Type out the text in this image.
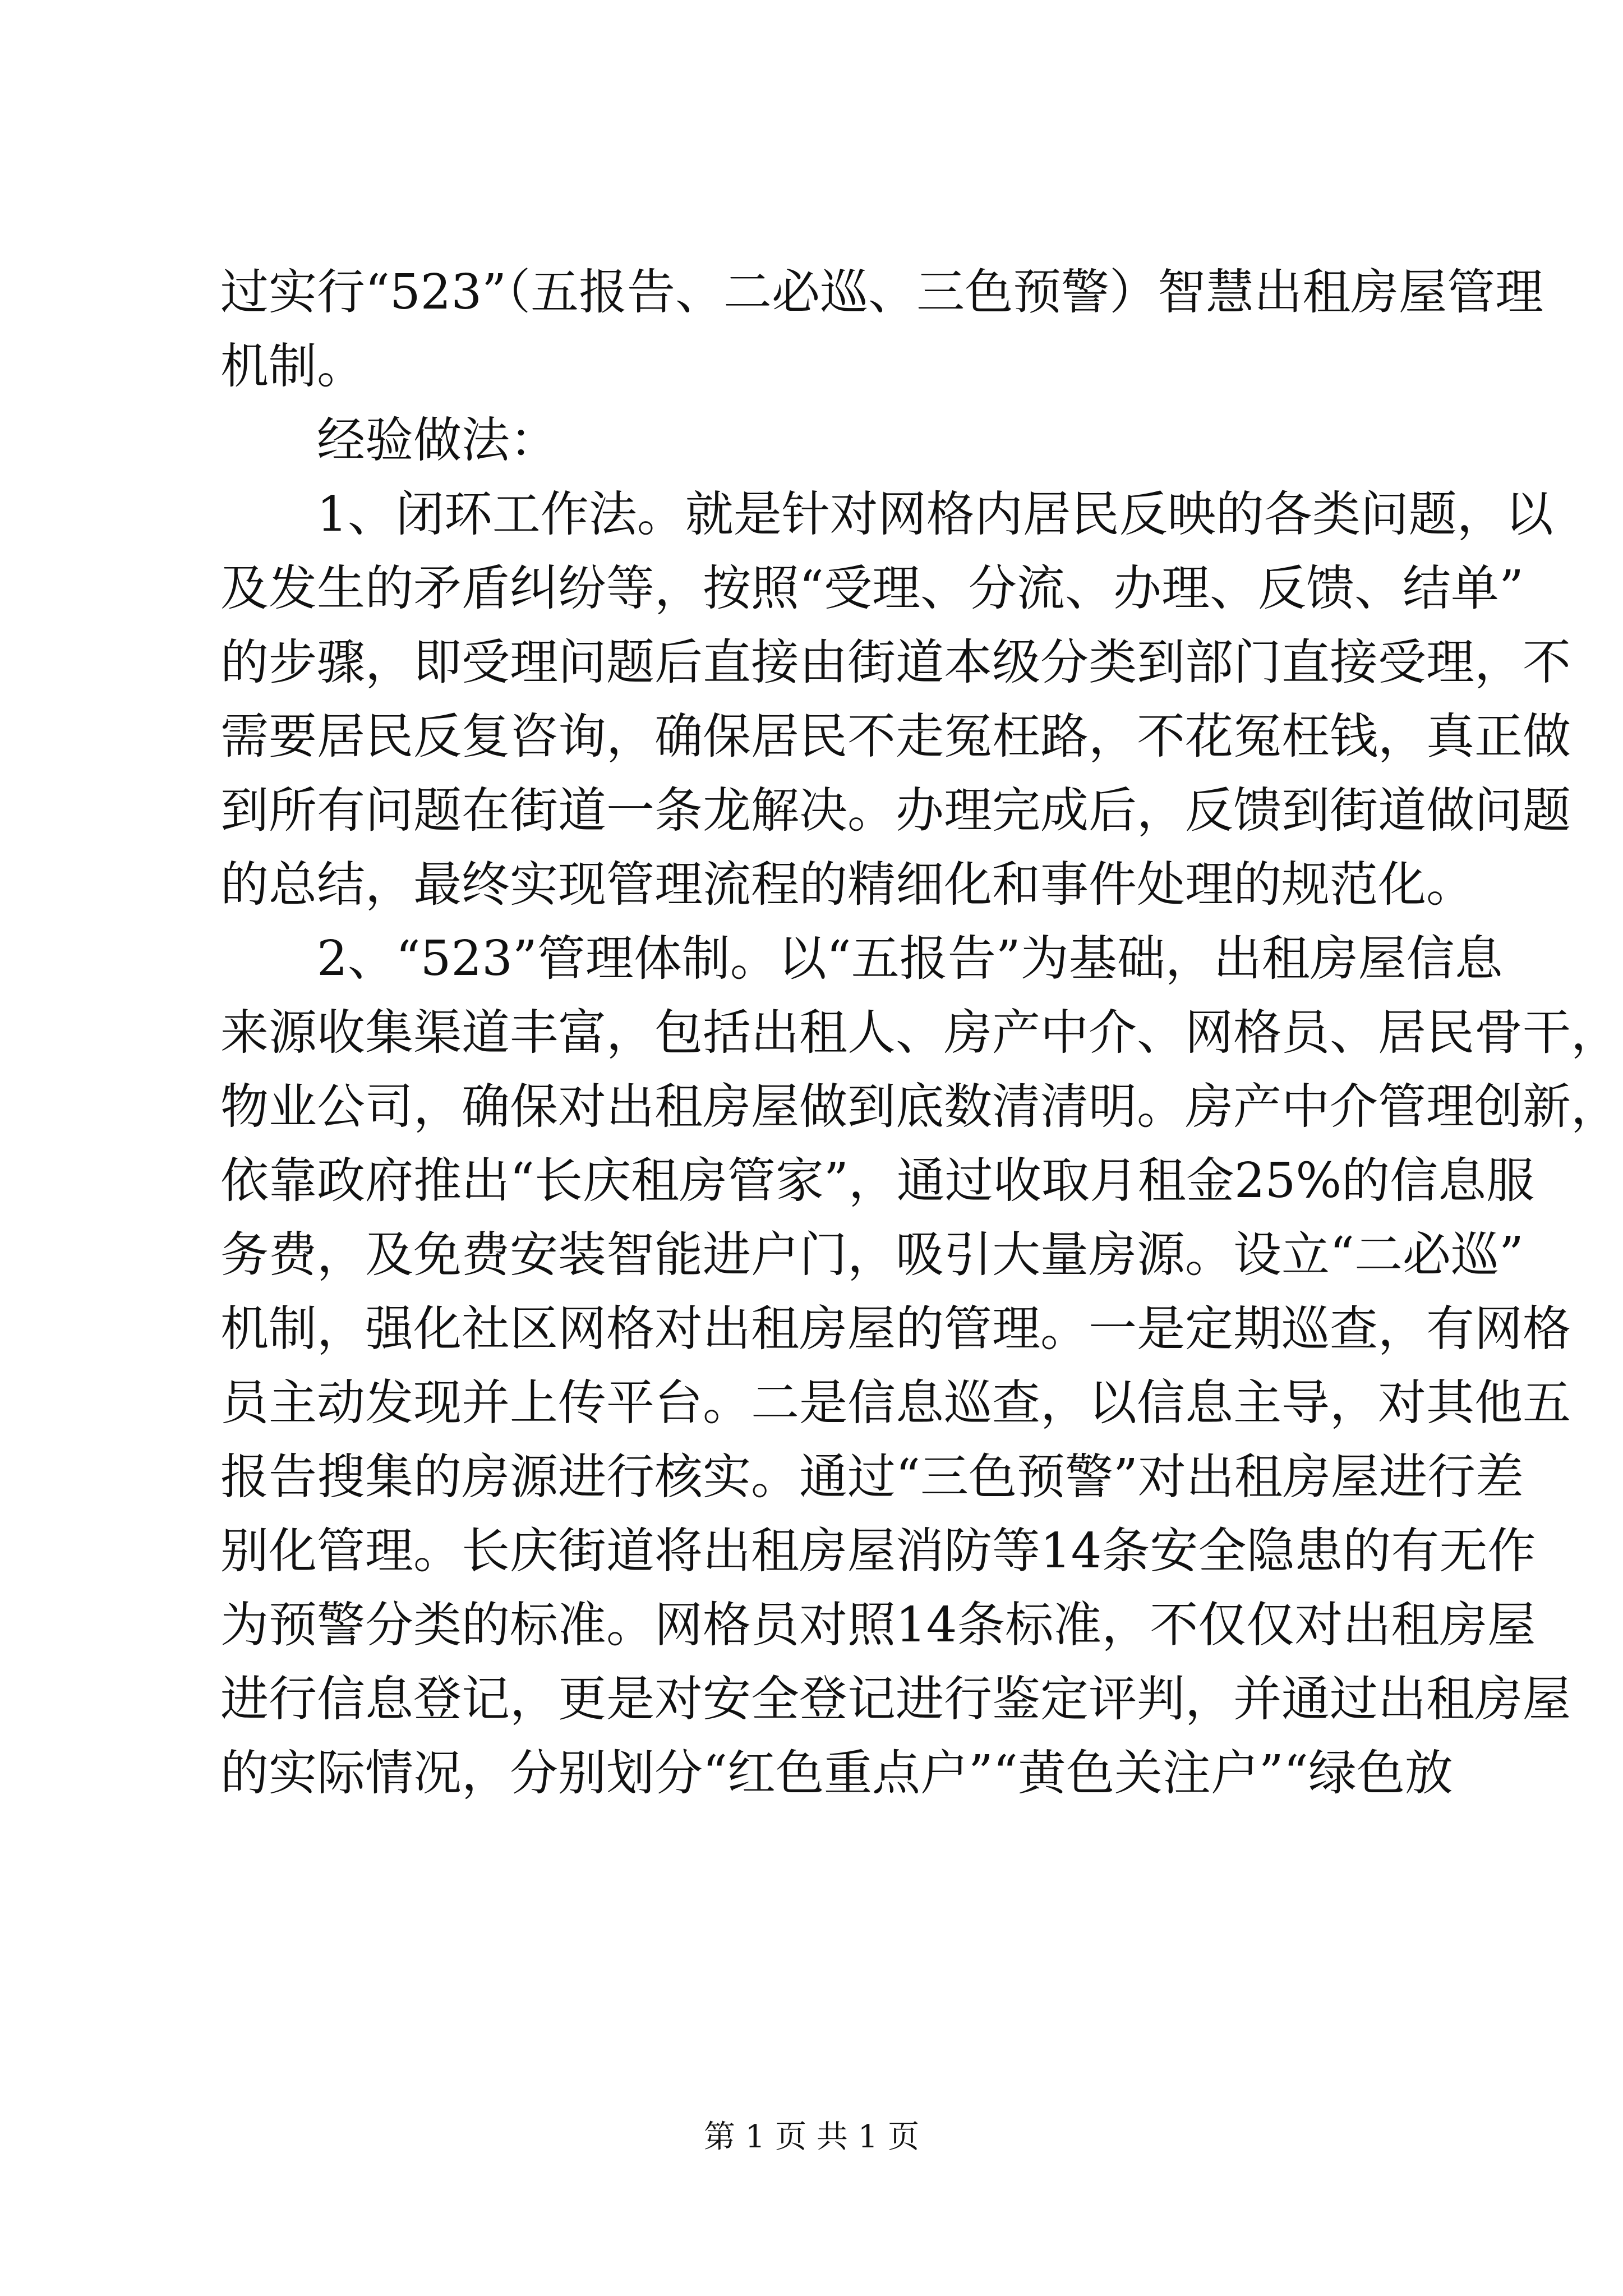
过实行“523”（五报告、二必巡、三色预警）智慧出租房屋管理
机制。
经验做法：
1、闭环工作法。就是针对网格内居民反映的各类问题，以
及发生的矛盾纠纷等，按照“受理、分流、办理、反馈、结单”
的步骤，即受理问题后直接由街道本级分类到部门直接受理，不
需要居民反复咨询，确保居民不走冤枉路，不花冤枉钱，真正做
到所有问题在街道一条龙解决。办理完成后，反馈到街道做问题
的总结，最终实现管理流程的精细化和事件处理的规范化。
2、“523”管理体制。以“五报告”为基础，出租房屋信息
来源收集渠道丰富，包括出租人、房产中介、网格员、居民骨干，
物业公司，确保对出租房屋做到底数清清明。房产中介管理创新，
依靠政府推出“长庆租房管家”，通过收取月租金25%的信息服
务费，及免费安装智能进户门，吸引大量房源。设立“二必巡”
机制，强化社区网格对出租房屋的管理。一是定期巡查，有网格
员主动发现并上传平台。二是信息巡查，以信息主导，对其他五
报告搜集的房源进行核实。通过“三色预警”对出租房屋进行差
别化管理。长庆街道将出租房屋消防等14条安全隐患的有无作
为预警分类的标准。网格员对照14条标准，不仅仅对出租房屋
进行信息登记，更是对安全登记进行鉴定评判，并通过出租房屋
的实际情况，分别划分“红色重点户”“黄色关注户”“绿色放
第 1 页 共 1 页
